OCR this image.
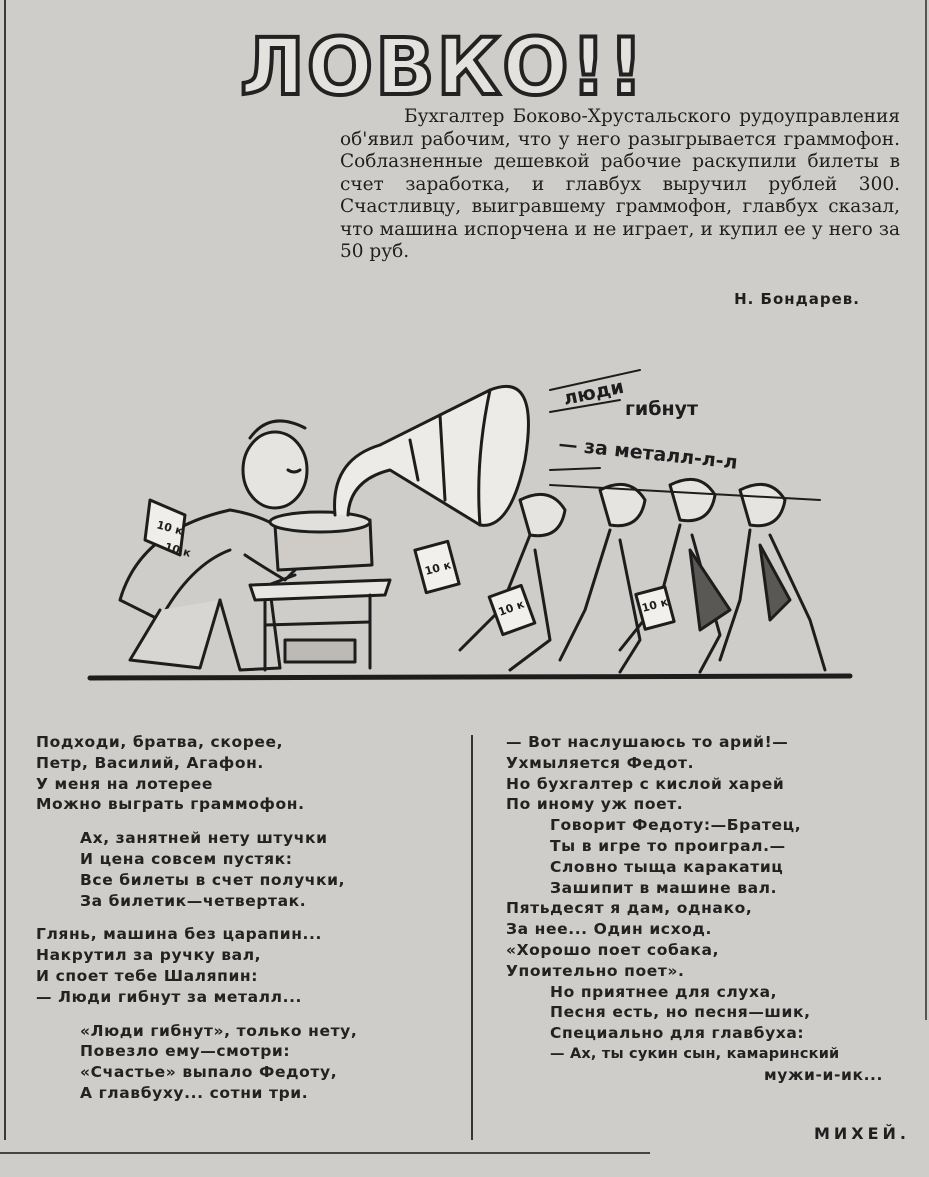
ЛОВКО!!

Бухгалтер Боково-Хрустальского рудоуправления об'явил рабочим, что у него разыгрывается граммофон. Соблазненные дешевкой рабочие раскупили билеты в счет заработка, и главбух выручил рублей 300. Счастливцу, выигравшему граммофон, главбух сказал, что машина испорчена и не играет, и купил ее у него за 50 руб.

Н. Бондарев.
люди гибнут
— за металл-л-л
10 к
10 к
10 к	10 к
10 к
Подходи, братва, скорее,
Петр, Василий, Агафон.
У меня на лотерее
Можно выграть граммофон.
Ах, занятней нету штучки
И цена совсем пустяк:
Все билеты в счет получки,
За билетик—четвертак.
Глянь, машина без царапин...
Накрутил за ручку вал,
И споет тебе Шаляпин:
— Люди гибнут за металл...
«Люди гибнут», только нету,
Повезло ему—смотри:
«Счастье» выпало Федоту,
А главбуху... сотни три.
— Вот наслушаюсь то арий!—
Ухмыляется Федот.
Но бухгалтер с кислой харей
По иному уж поет.
Говорит Федоту:—Братец,
Ты в игре то проиграл.—
Словно тыща каракатиц
Зашипит в машине вал.
Пятьдесят я дам, однако,
За нее... Один исход.
«Хорошо поет собака,
Упоительно поет».
Но приятнее для слуха,
Песня есть, но песня—шик,
Специально для главбуха:
— Ах, ты сукин сын, камаринский
мужи-и-ик...
МИХЕЙ.
